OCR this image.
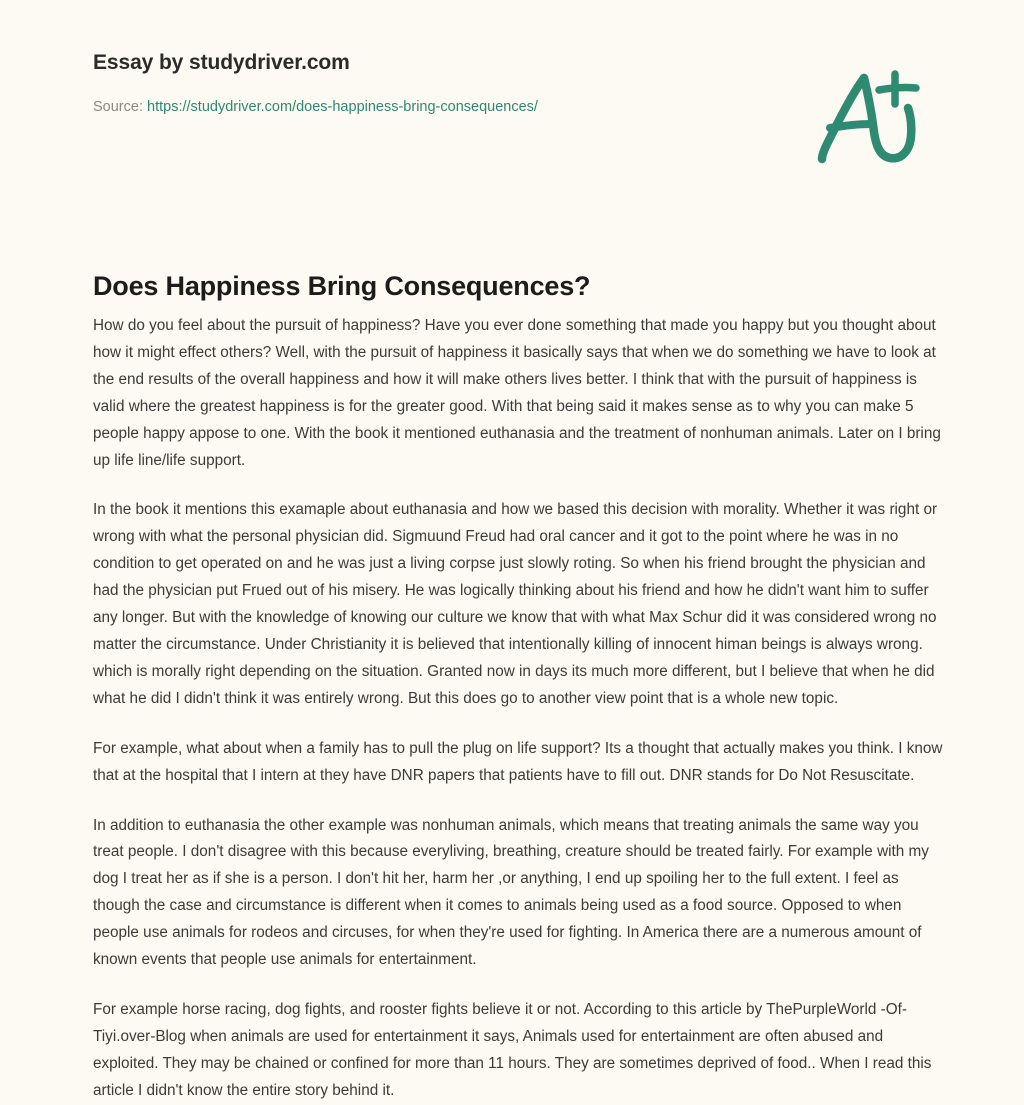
Essay by studydriver.com
Source: https://studydriver.com/does-happiness-bring-consequences/
Does Happiness Bring Consequences?

How do you feel about the pursuit of happiness? Have you ever done something that made you happy but you thought about how it might effect others? Well, with the pursuit of happiness it basically says that when we do something we have to look at the end results of the overall happiness and how it will make others lives better. I think that with the pursuit of happiness is valid where the greatest happiness is for the greater good. With that being said it makes sense as to why you can make 5 people happy appose to one. With the book it mentioned euthanasia and the treatment of nonhuman animals. Later on I bring up life line/life support.

In the book it mentions this examaple about euthanasia and how we based this decision with morality. Whether it was right or wrong with what the personal physician did. Sigmuund Freud had oral cancer and it got to the point where he was in no condition to get operated on and he was just a living corpse just slowly roting. So when his friend brought the physician and had the physician put Frued out of his misery. He was logically thinking about his friend and how he didn't want him to suffer any longer. But with the knowledge of knowing our culture we know that with what Max Schur did it was considered wrong no matter the circumstance. Under Christianity it is believed that intentionally killing of innocent himan beings is always wrong. which is morally right depending on the situation. Granted now in days its much more different, but I believe that when he did what he did I didn't think it was entirely wrong. But this does go to another view point that is a whole new topic.

For example, what about when a family has to pull the plug on life support? Its a thought that actually makes you think. I know that at the hospital that I intern at they have DNR papers that patients have to fill out. DNR stands for Do Not Resuscitate.

In addition to euthanasia the other example was nonhuman animals, which means that treating animals the same way you treat people. I don't disagree with this because everyliving, breathing, creature should be treated fairly. For example with my dog I treat her as if she is a person. I don't hit her, harm her ,or anything, I end up spoiling her to the full extent. I feel as though the case and circumstance is different when it comes to animals being used as a food source. Opposed to when people use animals for rodeos and circuses, for when they're used for fighting. In America there are a numerous amount of known events that people use animals for entertainment.

For example horse racing, dog fights, and rooster fights believe it or not. According to this article by ThePurpleWorld -Of-Tiyi.over-Blog when animals are used for entertainment it says, Animals used for entertainment are often abused and exploited. They may be chained or confined for more than 11 hours. They are sometimes deprived of food.. When I read this article I didn't know the entire story behind it.
